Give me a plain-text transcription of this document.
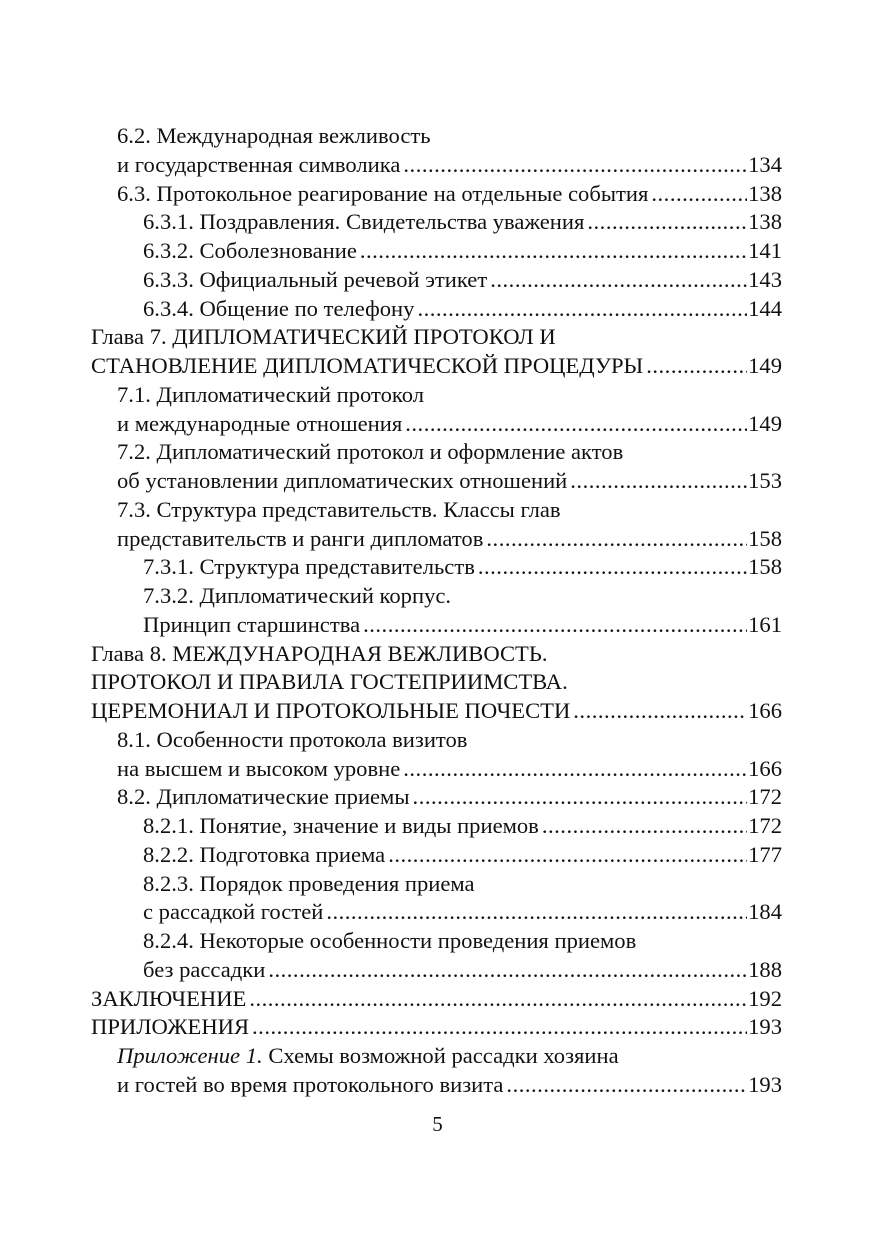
6.2. Международная вежливость
и государственная символика .....	134
6.3. Протокольное реагирование на отдельные события .....	138
6.3.1. Поздравления. Свидетельства уважения .....	138
6.3.2. Соболезнование .....	141
6.3.3. Официальный речевой этикет .....	143
6.3.4. Общение по телефону .....	144
Глава 7. ДИПЛОМАТИЧЕСКИЙ ПРОТОКОЛ И
СТАНОВЛЕНИЕ ДИПЛОМАТИЧЕСКОЙ ПРОЦЕДУРЫ .....	149
7.1. Дипломатический протокол
и международные отношения .....	149
7.2. Дипломатический протокол и оформление актов
об установлении дипломатических отношений .....	153
7.3. Структура представительств. Классы глав
представительств и ранги дипломатов .....	158
7.3.1. Структура представительств .....	158
7.3.2. Дипломатический корпус.
Принцип старшинства .....	161
Глава 8. МЕЖДУНАРОДНАЯ ВЕЖЛИВОСТЬ.
ПРОТОКОЛ И ПРАВИЛА ГОСТЕПРИИМСТВА.
ЦЕРЕМОНИАЛ И ПРОТОКОЛЬНЫЕ ПОЧЕСТИ .....	166
8.1. Особенности протокола визитов
на высшем и высоком уровне .....	166
8.2. Дипломатические приемы .....	172
8.2.1. Понятие, значение и виды приемов .....	172
8.2.2. Подготовка приема .....	177
8.2.3. Порядок проведения приема
с рассадкой гостей .....	184
8.2.4. Некоторые особенности проведения приемов
без рассадки .....	188
ЗАКЛЮЧЕНИЕ .....	192
ПРИЛОЖЕНИЯ .....	193
Приложение 1. Схемы возможной рассадки хозяина
и гостей во время протокольного визита .....	193
5
